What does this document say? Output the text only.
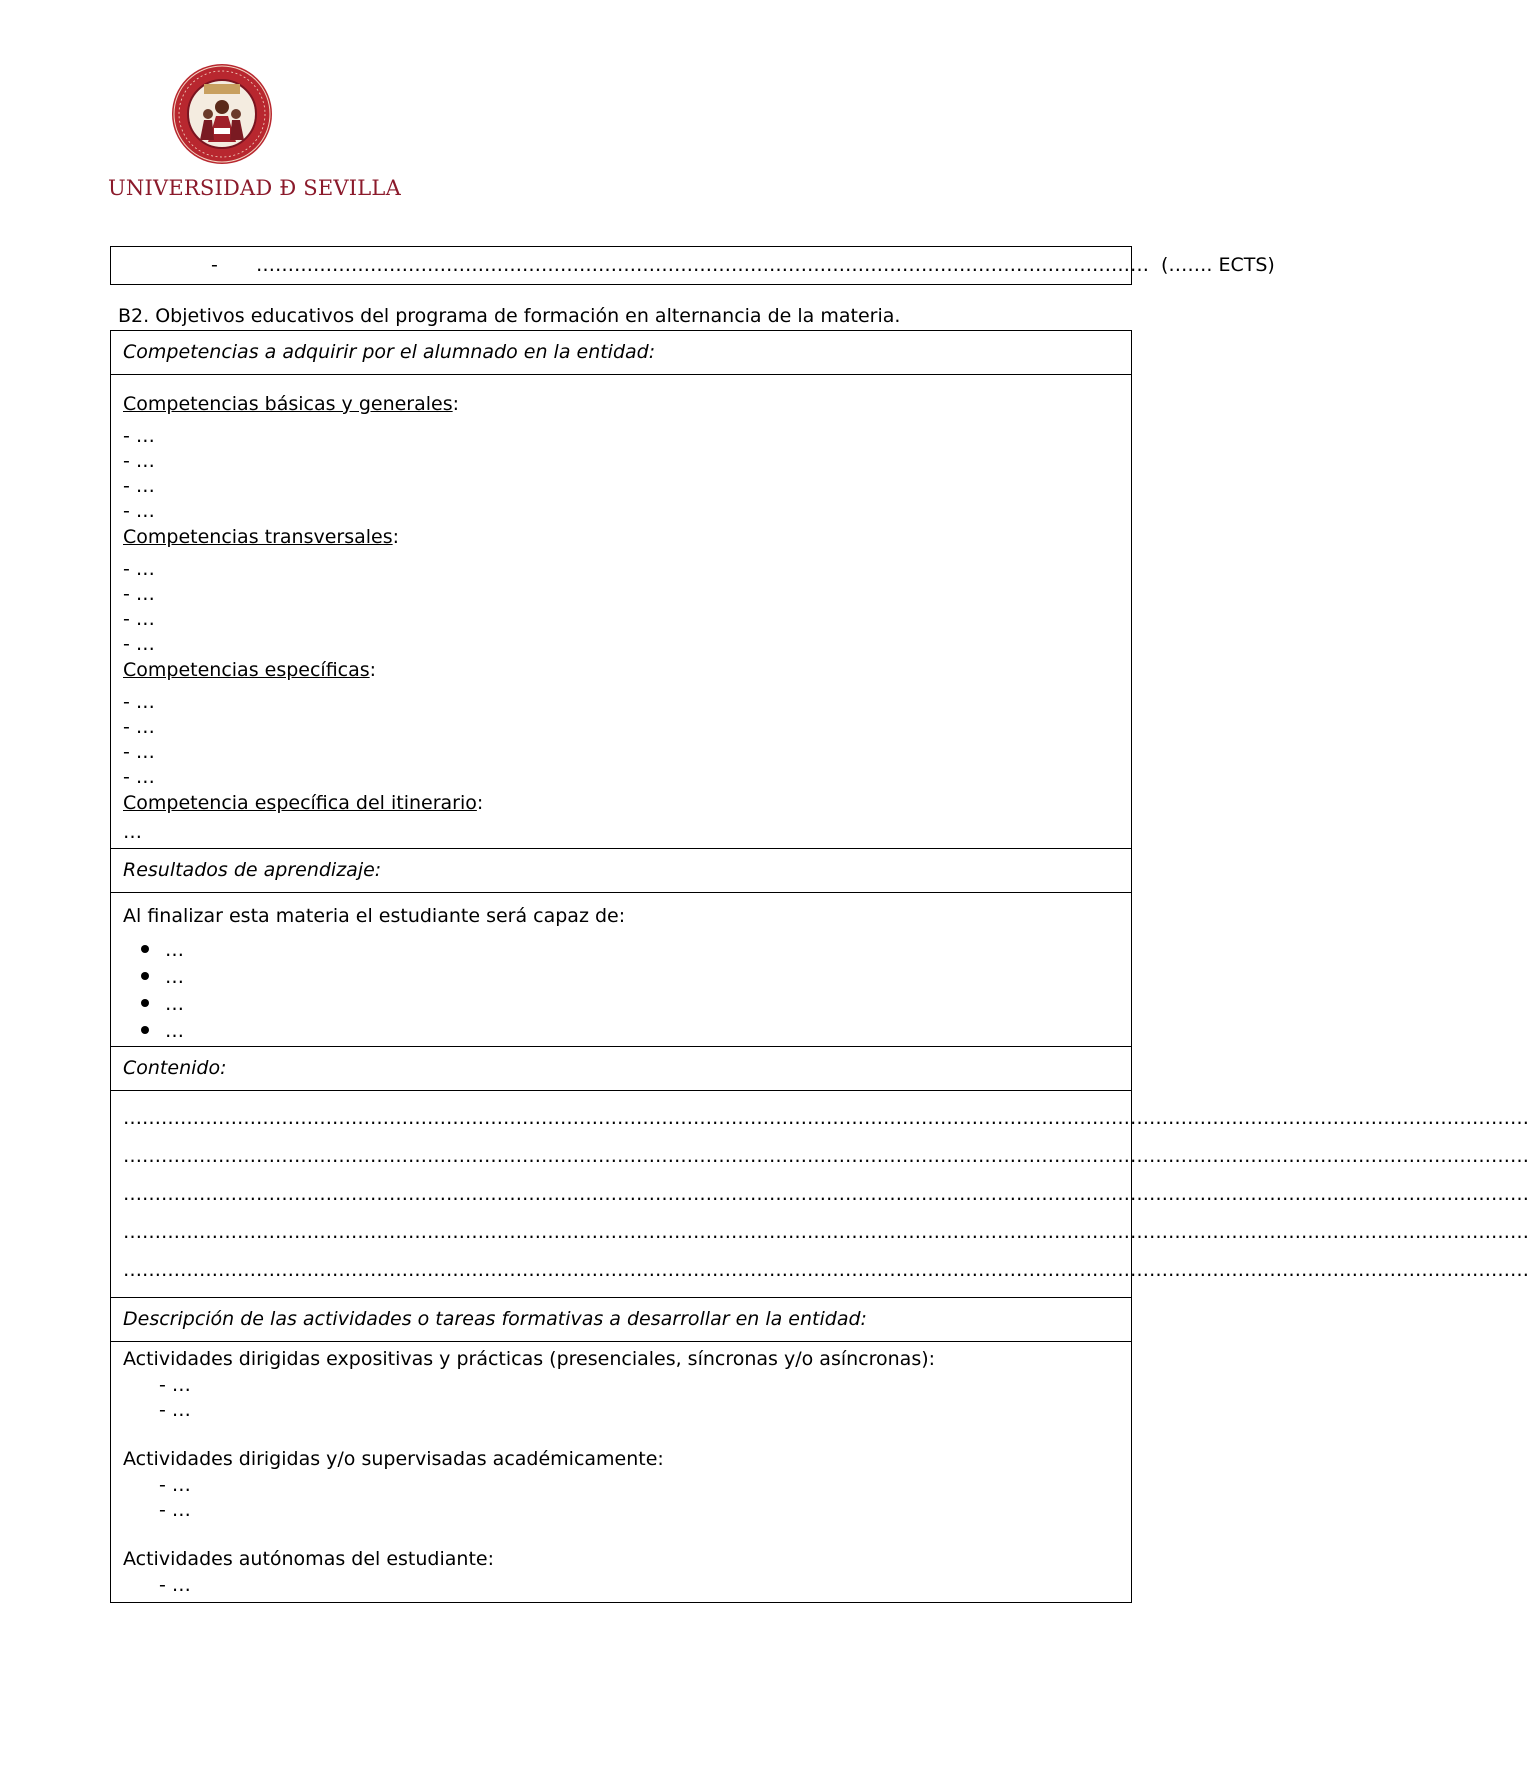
UNIVERSIDAD Ð SEVILLA
- …………………………………………………………………………………………………………………………… (……. ECTS)
B2. Objetivos educativos del programa de formación en alternancia de la materia.
Competencias a adquirir por el alumnado en la entidad:
Competencias básicas y generales:
- …
- …
- …
- …
Competencias transversales:
- …
- …
- …
- …
Competencias específicas:
- …
- …
- …
- …
Competencia específica del itinerario:
…
Resultados de aprendizaje:
Al finalizar esta materia el estudiante será capaz de:
…
…
…
…
Contenido:
……………………………………………………………………………………………………………………………………………………………………………………………………
……………………………………………………………………………………………………………………………………………………………………………………………………
……………………………………………………………………………………………………………………………………………………………………………………………………
……………………………………………………………………………………………………………………………………………………………………………………………………
……………………………………………………………………………………………………………………………………………………………………………………………………
Descripción de las actividades o tareas formativas a desarrollar en la entidad:
Actividades dirigidas expositivas y prácticas (presenciales, síncronas y/o asíncronas):
- …
- …
Actividades dirigidas y/o supervisadas académicamente:
- …
- …
Actividades autónomas del estudiante:
- …
